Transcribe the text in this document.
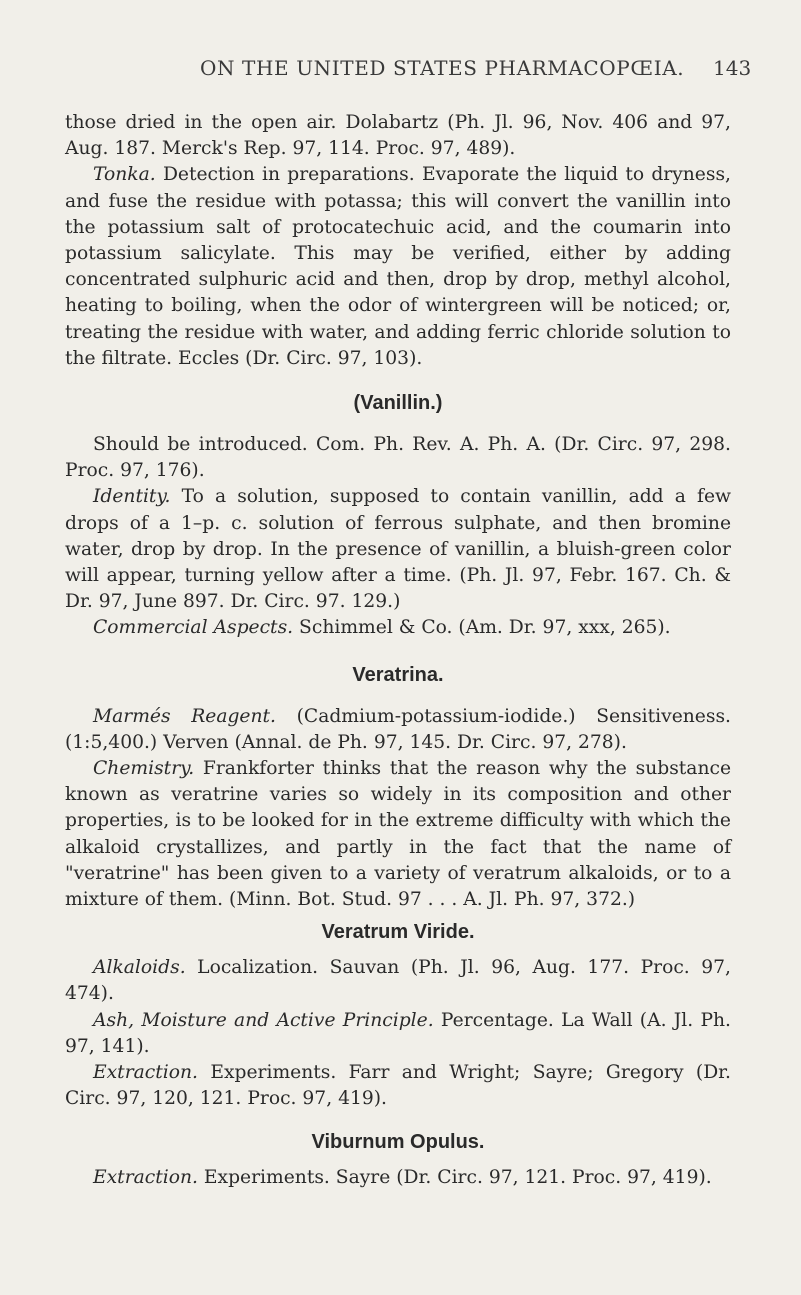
ON THE UNITED STATES PHARMACOPŒIA. 143

those dried in the open air. Dolabartz (Ph. Jl. 96, Nov. 406 and 97, Aug. 187. Merck's Rep. 97, 114. Proc. 97, 489).

Tonka. Detection in preparations. Evaporate the liquid to dryness, and fuse the residue with potassa; this will convert the vanillin into the potassium salt of protocatechuic acid, and the coumarin into potassium salicylate. This may be verified, either by adding concentrated sulphuric acid and then, drop by drop, methyl alcohol, heating to boiling, when the odor of wintergreen will be noticed; or, treating the residue with water, and adding ferric chloride solution to the filtrate. Eccles (Dr. Circ. 97, 103).

(Vanillin.)

Should be introduced. Com. Ph. Rev. A. Ph. A. (Dr. Circ. 97, 298. Proc. 97, 176).

Identity. To a solution, supposed to contain vanillin, add a few drops of a 1–p. c. solution of ferrous sulphate, and then bromine water, drop by drop. In the presence of vanillin, a bluish-green color will appear, turning yellow after a time. (Ph. Jl. 97, Febr. 167. Ch. & Dr. 97, June 897. Dr. Circ. 97. 129.)

Commercial Aspects. Schimmel & Co. (Am. Dr. 97, xxx, 265).

Veratrina.

Marmés Reagent. (Cadmium-potassium-iodide.) Sensitiveness. (1:5,400.) Verven (Annal. de Ph. 97, 145. Dr. Circ. 97, 278).

Chemistry. Frankforter thinks that the reason why the substance known as veratrine varies so widely in its composition and other properties, is to be looked for in the extreme difficulty with which the alkaloid crystallizes, and partly in the fact that the name of "veratrine" has been given to a variety of veratrum alkaloids, or to a mixture of them. (Minn. Bot. Stud. 97 . . . A. Jl. Ph. 97, 372.)

Veratrum Viride.

Alkaloids. Localization. Sauvan (Ph. Jl. 96, Aug. 177. Proc. 97, 474).

Ash, Moisture and Active Principle. Percentage. La Wall (A. Jl. Ph. 97, 141).

Extraction. Experiments. Farr and Wright; Sayre; Gregory (Dr. Circ. 97, 120, 121. Proc. 97, 419).

Viburnum Opulus.

Extraction. Experiments. Sayre (Dr. Circ. 97, 121. Proc. 97, 419).
